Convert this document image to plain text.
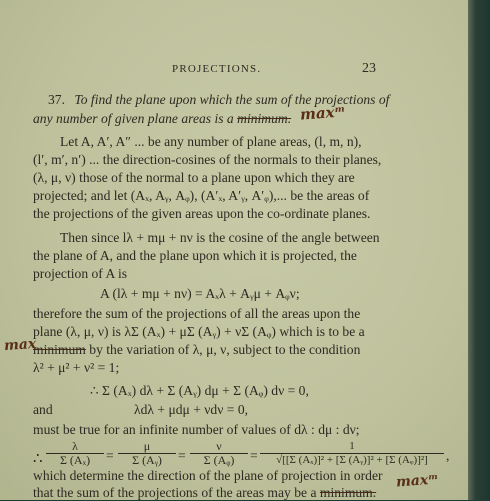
PROJECTIONS.	23
37. To find the plane upon which the sum of the projections of
any number of given plane areas is a minimum. maxᵐ
Let A, A′, A″ ... be any number of plane areas, (l, m, n),
(l′, m′, n′) ... the direction-cosines of the normals to their planes,
(λ, μ, ν) those of the normal to a plane upon which they are
projected; and let (Aₓ, Aᵧ, Aᵩ), (A′ₓ, A′ᵧ, A′ᵩ),... be the areas of
the projections of the given areas upon the co-ordinate planes.
Then since lλ + mμ + nν is the cosine of the angle between
the plane of A, and the plane upon which it is projected, the
projection of A is
A (lλ + mμ + nν) = Aₓλ + Aᵧμ + Aᵩν;
therefore the sum of the projections of all the areas upon the
plane (λ, μ, ν) is λΣ (Aₓ) + μΣ (Aᵧ) + νΣ (Aᵩ) which is to be a
minimum by the variation of λ, μ, ν, subject to the condition
max
λ² + μ² + ν² = 1;
∴ Σ (Aₓ) dλ + Σ (Aᵧ) dμ + Σ (Aᵩ) dν = 0,
and	λdλ + μdμ + νdν = 0,
must be true for an infinite number of values of dλ : dμ : dν;
∴ $\frac{\lambda}{\text{Σ (Aₓ)}} = \frac{\mu}{\text{Σ (Aᵧ)}} = \frac{\nu}{\text{Σ (Aᵩ)}} = \frac{1}{\text{√[[Σ (Aₓ)]² + [Σ (Aᵧ)]² + [Σ (Aᵩ)]²]}}$ ,
which determine the direction of the plane of projection in order
that the sum of the projections of the areas may be a minimum.
maxᵐ
